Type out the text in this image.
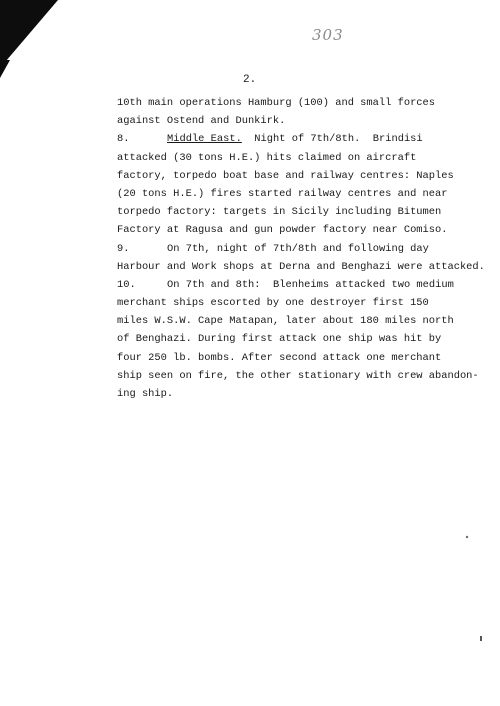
303
2.
10th main operations Hamburg (100) and small forces
against Ostend and Dunkirk.
8.	Middle East.  Night of 7th/8th.  Brindisi
attacked (30 tons H.E.) hits claimed on aircraft
factory, torpedo boat base and railway centres: Naples
(20 tons H.E.) fires started railway centres and near
torpedo factory: targets in Sicily including Bitumen
Factory at Ragusa and gun powder factory near Comiso.
9.	On 7th, night of 7th/8th and following day
Harbour and Work shops at Derna and Benghazi were attacked.
10.	On 7th and 8th:  Blenheims attacked two medium
merchant ships escorted by one destroyer first 150
miles W.S.W. Cape Matapan, later about 180 miles north
of Benghazi. During first attack one ship was hit by
four 250 lb. bombs. After second attack one merchant
ship seen on fire, the other stationary with crew abandon-
ing ship.
